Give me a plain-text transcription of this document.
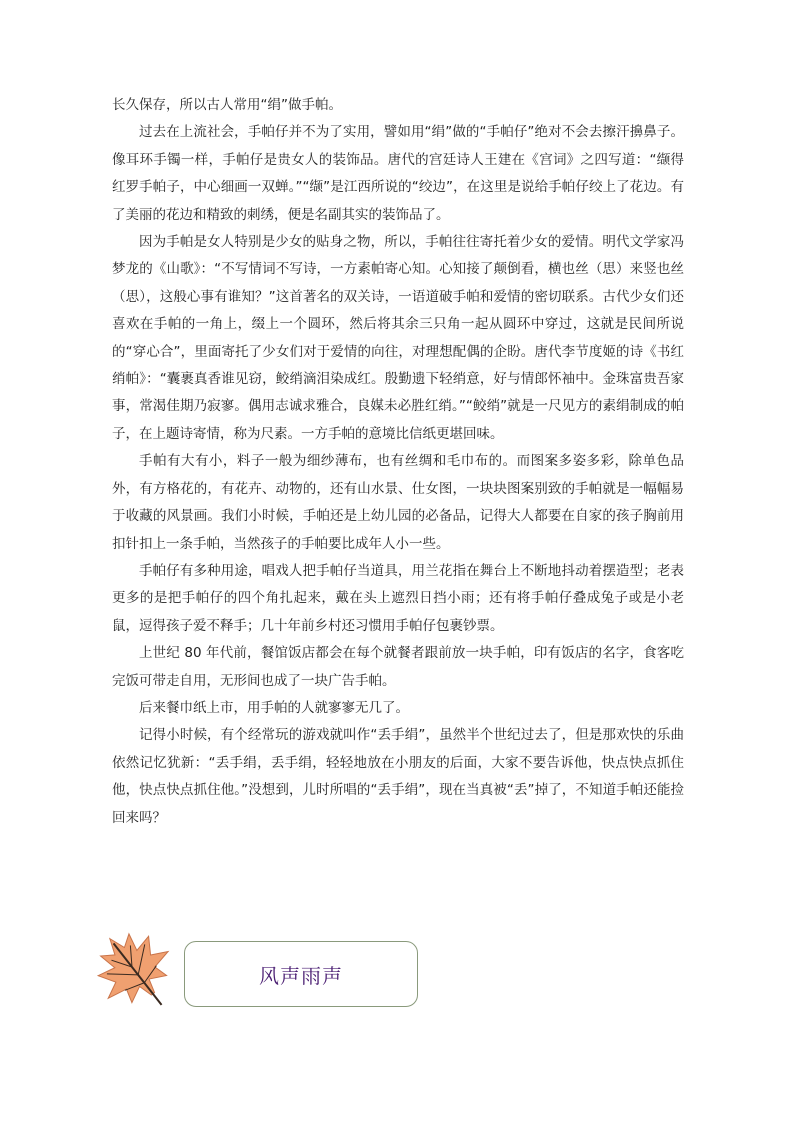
长久保存，所以古人常用“绢”做手帕。

过去在上流社会，手帕仔并不为了实用，譬如用“绢”做的“手帕仔”绝对不会去擦汗擤鼻子。像耳环手镯一样，手帕仔是贵女人的装饰品。唐代的宫廷诗人王建在《宫词》之四写道：“缬得红罗手帕子，中心细画一双蝉。”“缬”是江西所说的“绞边”，在这里是说给手帕仔绞上了花边。有了美丽的花边和精致的刺绣，便是名副其实的装饰品了。

因为手帕是女人特别是少女的贴身之物，所以，手帕往往寄托着少女的爱情。明代文学家冯梦龙的《山歌》：“不写情词不写诗，一方素帕寄心知。心知接了颠倒看，横也丝（思）来竖也丝（思），这般心事有谁知？”这首著名的双关诗，一语道破手帕和爱情的密切联系。古代少女们还喜欢在手帕的一角上，缀上一个圆环，然后将其余三只角一起从圆环中穿过，这就是民间所说的“穿心合”，里面寄托了少女们对于爱情的向往，对理想配偶的企盼。唐代李节度姬的诗《书红绡帕》：“囊裹真香谁见窃，鲛绡滴泪染成红。殷勤遗下轻绡意，好与情郎怀袖中。金珠富贵吾家事，常渴佳期乃寂寥。偶用志诚求雅合，良媒未必胜红绡。”“鲛绡”就是一尺见方的素绢制成的帕子，在上题诗寄情，称为尺素。一方手帕的意境比信纸更堪回味。

手帕有大有小，料子一般为细纱薄布，也有丝绸和毛巾布的。而图案多姿多彩，除单色品外，有方格花的，有花卉、动物的，还有山水景、仕女图，一块块图案别致的手帕就是一幅幅易于收藏的风景画。我们小时候，手帕还是上幼儿园的必备品，记得大人都要在自家的孩子胸前用扣针扣上一条手帕，当然孩子的手帕要比成年人小一些。

手帕仔有多种用途，唱戏人把手帕仔当道具，用兰花指在舞台上不断地抖动着摆造型；老表更多的是把手帕仔的四个角扎起来，戴在头上遮烈日挡小雨；还有将手帕仔叠成兔子或是小老鼠，逗得孩子爱不释手；几十年前乡村还习惯用手帕仔包裹钞票。

上世纪 80 年代前，餐馆饭店都会在每个就餐者跟前放一块手帕，印有饭店的名字，食客吃完饭可带走自用，无形间也成了一块广告手帕。

后来餐巾纸上市，用手帕的人就寥寥无几了。

记得小时候，有个经常玩的游戏就叫作“丢手绢”，虽然半个世纪过去了，但是那欢快的乐曲依然记忆犹新：“丢手绢，丢手绢，轻轻地放在小朋友的后面，大家不要告诉他，快点快点抓住他，快点快点抓住他。”没想到，儿时所唱的“丢手绢”，现在当真被“丢”掉了，不知道手帕还能捡回来吗？

风声雨声
